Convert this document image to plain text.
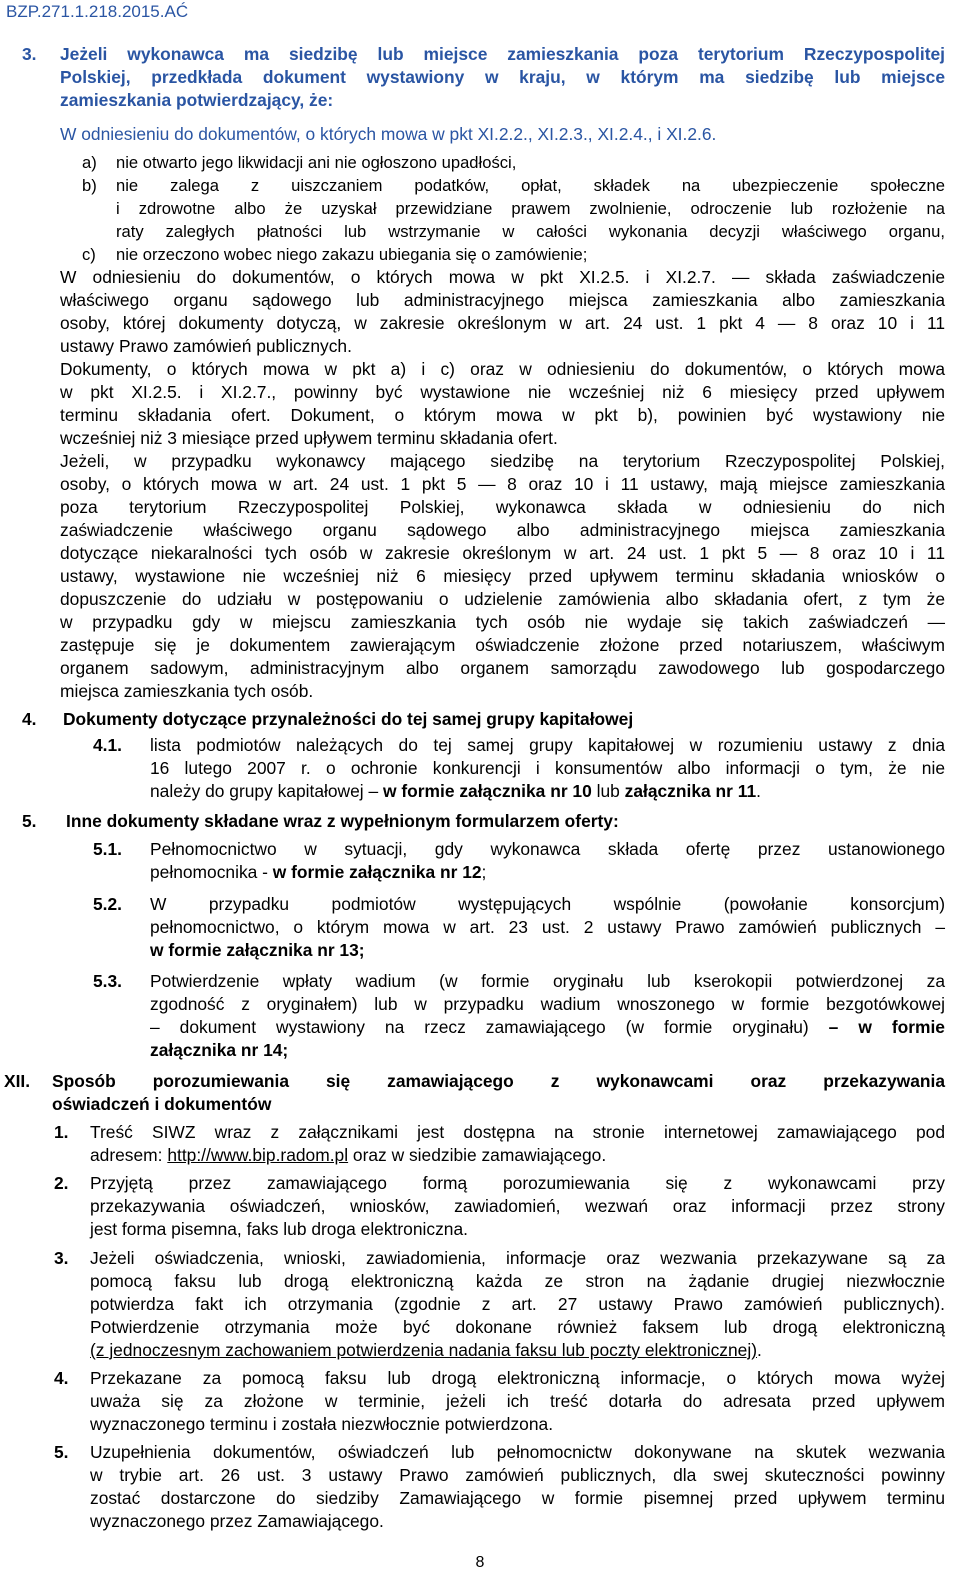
BZP.271.1.218.2015.AĆ
3. Jeżeli wykonawca ma siedzibę lub miejsce zamieszkania poza terytorium Rzeczypospolitej
Polskiej, przedkłada dokument wystawiony w kraju, w którym ma siedzibę lub miejsce
zamieszkania potwierdzający, że:
W odniesieniu do dokumentów, o których mowa w pkt XI.2.2., XI.2.3., XI.2.4., i XI.2.6.
a) nie otwarto jego likwidacji ani nie ogłoszono upadłości,
b) nie zalega z uiszczaniem podatków, opłat, składek na ubezpieczenie społeczne
i zdrowotne albo że uzyskał przewidziane prawem zwolnienie, odroczenie lub rozłożenie na
raty zaległych płatności lub wstrzymanie w całości wykonania decyzji właściwego organu,
c) nie orzeczono wobec niego zakazu ubiegania się o zamówienie;
W odniesieniu do dokumentów, o których mowa w pkt XI.2.5. i XI.2.7. — składa zaświadczenie
właściwego organu sądowego lub administracyjnego miejsca zamieszkania albo zamieszkania
osoby, której dokumenty dotyczą, w zakresie określonym w art. 24 ust. 1 pkt 4 — 8 oraz 10 i 11
ustawy Prawo zamówień publicznych.
Dokumenty, o których mowa w pkt a) i c) oraz w odniesieniu do dokumentów, o których mowa
w pkt XI.2.5. i XI.2.7., powinny być wystawione nie wcześniej niż 6 miesięcy przed upływem
terminu składania ofert. Dokument, o którym mowa w pkt b), powinien być wystawiony nie
wcześniej niż 3 miesiące przed upływem terminu składania ofert.
Jeżeli, w przypadku wykonawcy mającego siedzibę na terytorium Rzeczypospolitej Polskiej,
osoby, o których mowa w art. 24 ust. 1 pkt 5 — 8 oraz 10 i 11 ustawy, mają miejsce zamieszkania
poza terytorium Rzeczypospolitej Polskiej, wykonawca składa w odniesieniu do nich
zaświadczenie właściwego organu sądowego albo administracyjnego miejsca zamieszkania
dotyczące niekaralności tych osób w zakresie określonym w art. 24 ust. 1 pkt 5 — 8 oraz 10 i 11
ustawy, wystawione nie wcześniej niż 6 miesięcy przed upływem terminu składania wniosków o
dopuszczenie do udziału w postępowaniu o udzielenie zamówienia albo składania ofert, z tym że
w przypadku gdy w miejscu zamieszkania tych osób nie wydaje się takich zaświadczeń —
zastępuje się je dokumentem zawierającym oświadczenie złożone przed notariuszem, właściwym
organem sadowym, administracyjnym albo organem samorządu zawodowego lub gospodarczego
miejsca zamieszkania tych osób.
4. Dokumenty dotyczące przynależności do tej samej grupy kapitałowej
4.1. lista podmiotów należących do tej samej grupy kapitałowej w rozumieniu ustawy z dnia
16 lutego 2007 r. o ochronie konkurencji i konsumentów albo informacji o tym, że nie
należy do grupy kapitałowej – w formie załącznika nr 10 lub załącznika nr 11.
5. Inne dokumenty składane wraz z wypełnionym formularzem oferty:
5.1. Pełnomocnictwo w sytuacji, gdy wykonawca składa ofertę przez ustanowionego
pełnomocnika - w formie załącznika nr 12;
5.2. W przypadku podmiotów występujących wspólnie (powołanie konsorcjum)
pełnomocnictwo, o którym mowa w art. 23 ust. 2 ustawy Prawo zamówień publicznych –
w formie załącznika nr 13;
5.3. Potwierdzenie wpłaty wadium (w formie oryginału lub kserokopii potwierdzonej za
zgodność z oryginałem) lub w przypadku wadium wnoszonego w formie bezgotówkowej
– dokument wystawiony na rzecz zamawiającego (w formie oryginału) – w formie
załącznika nr 14;
XII. Sposób porozumiewania się zamawiającego z wykonawcami oraz przekazywania
oświadczeń i dokumentów
1. Treść SIWZ wraz z załącznikami jest dostępna na stronie internetowej zamawiającego pod
adresem: http://www.bip.radom.pl oraz w siedzibie zamawiającego.
2. Przyjętą przez zamawiającego formą porozumiewania się z wykonawcami przy
przekazywania oświadczeń, wniosków, zawiadomień, wezwań oraz informacji przez strony
jest forma pisemna, faks lub droga elektroniczna.
3. Jeżeli oświadczenia, wnioski, zawiadomienia, informacje oraz wezwania przekazywane są za
pomocą faksu lub drogą elektroniczną każda ze stron na żądanie drugiej niezwłocznie
potwierdza fakt ich otrzymania (zgodnie z art. 27 ustawy Prawo zamówień publicznych).
Potwierdzenie otrzymania może być dokonane również faksem lub drogą elektroniczną
(z jednoczesnym zachowaniem potwierdzenia nadania faksu lub poczty elektronicznej).
4. Przekazane za pomocą faksu lub drogą elektroniczną informacje, o których mowa wyżej
uważa się za złożone w terminie, jeżeli ich treść dotarła do adresata przed upływem
wyznaczonego terminu i została niezwłocznie potwierdzona.
5. Uzupełnienia dokumentów, oświadczeń lub pełnomocnictw dokonywane na skutek wezwania
w trybie art. 26 ust. 3 ustawy Prawo zamówień publicznych, dla swej skuteczności powinny
zostać dostarczone do siedziby Zamawiającego w formie pisemnej przed upływem terminu
wyznaczonego przez Zamawiającego.
8
